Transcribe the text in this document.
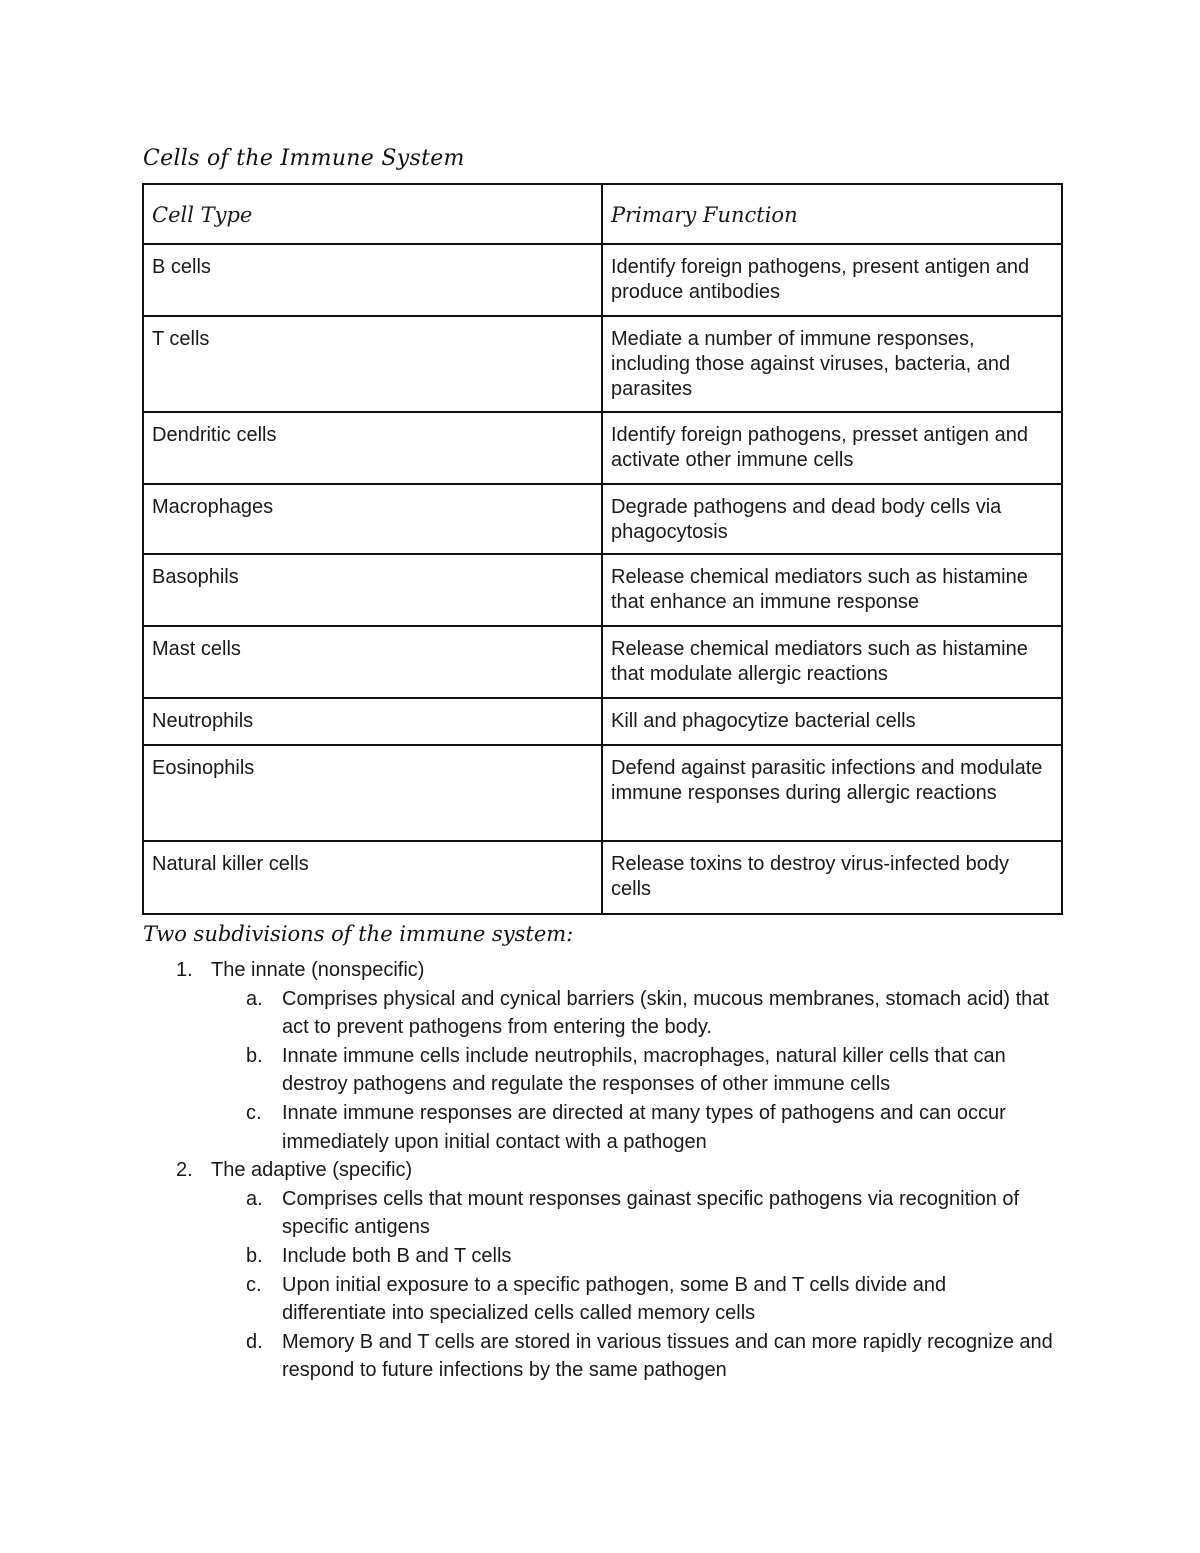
Cells of the Immune System
Cell Type	Primary Function
B cells	Identify foreign pathogens, present antigen and produce antibodies
T cells	Mediate a number of immune responses, including those against viruses, bacteria, and parasites
Dendritic cells	Identify foreign pathogens, presset antigen and activate other immune cells
Macrophages	Degrade pathogens and dead body cells via phagocytosis
Basophils	Release chemical mediators such as histamine that enhance an immune response
Mast cells	Release chemical mediators such as histamine that modulate allergic reactions
Neutrophils	Kill and phagocytize bacterial cells
Eosinophils	Defend against parasitic infections and modulate immune responses during allergic reactions
Natural killer cells	Release toxins to destroy virus-infected body cells
Two subdivisions of the immune system:
1. The innate (nonspecific)
a. Comprises physical and cynical barriers (skin, mucous membranes, stomach acid) that act to prevent pathogens from entering the body.
b. Innate immune cells include neutrophils, macrophages, natural killer cells that can destroy pathogens and regulate the responses of other immune cells
c.	Innate immune responses are directed at many types of pathogens and can occur immediately upon initial contact with a pathogen
2. The adaptive (specific)
a. Comprises cells that mount responses gainast specific pathogens via recognition of specific antigens
b. Include both B and T cells
c.	Upon initial exposure to a specific pathogen, some B and T cells divide and differentiate into specialized cells called memory cells
d. Memory B and T cells are stored in various tissues and can more rapidly recognize and respond to future infections by the same pathogen
